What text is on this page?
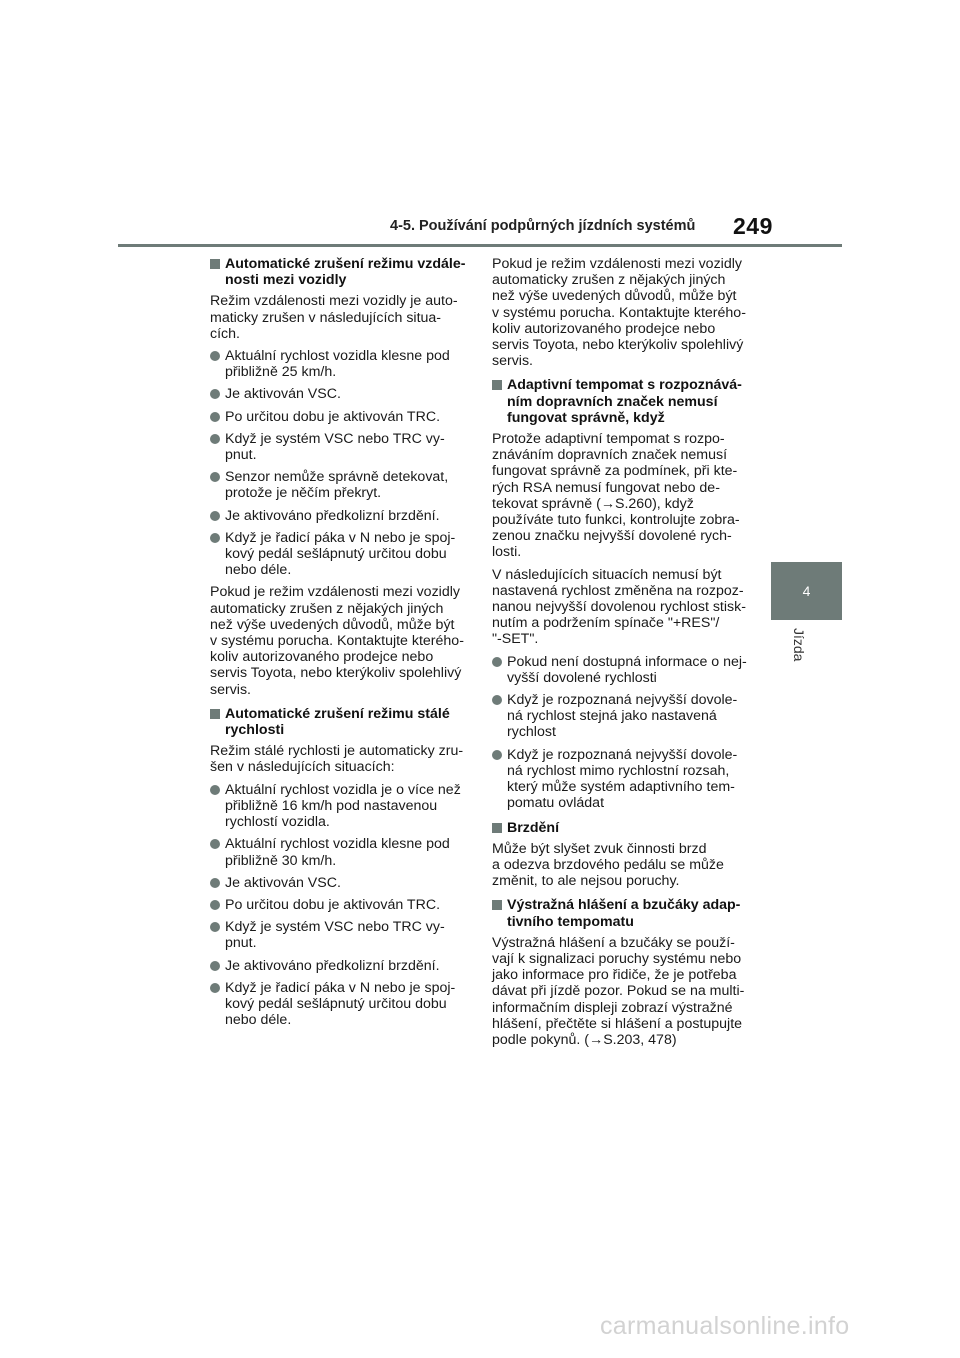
4-5. Používání podpůrných jízdních systémů 249
4
Jízda
Automatické zrušení režimu vzdále-
nosti mezi vozidly
Režim vzdálenosti mezi vozidly je auto-
maticky zrušen v následujících situa-
cích.
Aktuální rychlost vozidla klesne pod
přibližně 25 km/h.
Je aktivován VSC.
Po určitou dobu je aktivován TRC.
Když je systém VSC nebo TRC vy-
pnut.
Senzor nemůže správně detekovat,
protože je něčím překryt.
Je aktivováno předkolizní brzdění.
Když je řadicí páka v N nebo je spoj-
kový pedál sešlápnutý určitou dobu
nebo déle.
Pokud je režim vzdálenosti mezi vozidly
automaticky zrušen z nějakých jiných
než výše uvedených důvodů, může být
v systému porucha. Kontaktujte kterého-
koliv autorizovaného prodejce nebo
servis Toyota, nebo kterýkoliv spolehlivý
servis.
Automatické zrušení režimu stálé
rychlosti
Režim stálé rychlosti je automaticky zru-
šen v následujících situacích:
Aktuální rychlost vozidla je o více než
přibližně 16 km/h pod nastavenou
rychlostí vozidla.
Aktuální rychlost vozidla klesne pod
přibližně 30 km/h.
Je aktivován VSC.
Po určitou dobu je aktivován TRC.
Když je systém VSC nebo TRC vy-
pnut.
Je aktivováno předkolizní brzdění.
Když je řadicí páka v N nebo je spoj-
kový pedál sešlápnutý určitou dobu
nebo déle.
Pokud je režim vzdálenosti mezi vozidly
automaticky zrušen z nějakých jiných
než výše uvedených důvodů, může být
v systému porucha. Kontaktujte kterého-
koliv autorizovaného prodejce nebo
servis Toyota, nebo kterýkoliv spolehlivý
servis.
Adaptivní tempomat s rozpoznává-
ním dopravních značek nemusí
fungovat správně, když
Protože adaptivní tempomat s rozpo-
znáváním dopravních značek nemusí
fungovat správně za podmínek, při kte-
rých RSA nemusí fungovat nebo de-
tekovat správně (→S.260), když
používáte tuto funkci, kontrolujte zobra-
zenou značku nejvyšší dovolené rych-
losti.
V následujících situacích nemusí být
nastavená rychlost změněna na rozpoz-
nanou nejvyšší dovolenou rychlost stisk-
nutím a podržením spínače "+RES"/
"-SET".
Pokud není dostupná informace o nej-
vyšší dovolené rychlosti
Když je rozpoznaná nejvyšší dovole-
ná rychlost stejná jako nastavená
rychlost
Když je rozpoznaná nejvyšší dovole-
ná rychlost mimo rychlostní rozsah,
který může systém adaptivního tem-
pomatu ovládat
Brzdění
Může být slyšet zvuk činnosti brzd
a odezva brzdového pedálu se může
změnit, to ale nejsou poruchy.
Výstražná hlášení a bzučáky adap-
tivního tempomatu
Výstražná hlášení a bzučáky se použí-
vají k signalizaci poruchy systému nebo
jako informace pro řidiče, že je potřeba
dávat při jízdě pozor. Pokud se na multi-
informačním displeji zobrazí výstražné
hlášení, přečtěte si hlášení a postupujte
podle pokynů. (→S.203, 478)
carmanualsonline.info
